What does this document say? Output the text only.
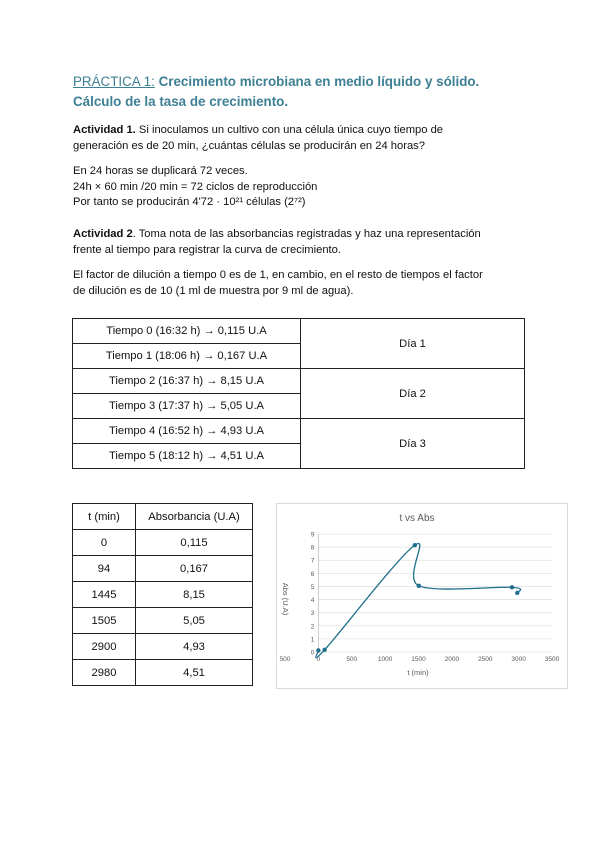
PRÁCTICA 1: Crecimiento microbiana en medio líquido y sólido.
Cálculo de la tasa de crecimiento.
Actividad 1. Si inoculamos un cultivo con una célula única cuyo tiempo de
generación es de 20 min, ¿cuántas células se producirán en 24 horas?
En 24 horas se duplicará 72 veces.
24h × 60 min /20 min = 72 ciclos de reproducción
Por tanto se producirán 4'72 · 10²¹ células (2⁷²)
Actividad 2. Toma nota de las absorbancias registradas y haz una representación
frente al tiempo para registrar la curva de crecimiento.
El factor de dilución a tiempo 0 es de 1, en cambio, en el resto de tiempos el factor
de dilución es de 10 (1 ml de muestra por 9 ml de agua).
Tiempo 0 (16:32 h) → 0,115 U.A	Día 1
Tiempo 1 (18:06 h) → 0,167 U.A	
Tiempo 2 (16:37 h) → 8,15 U.A	Día 2
Tiempo 3 (17:37 h) → 5,05 U.A	
Tiempo 4 (16:52 h) → 4,93 U.A	Día 3
Tiempo 5 (18:12 h) → 4,51 U.A	
t (min)	Absorbancia (U.A)
0	0,115
94	0,167
1445	8,15
1505	5,05
2900	4,93
2980	4,51
t vs Abs
t (min)
Abs (U.A)
0
1
2
3
4
5
6
7
8
9
500	0	500	1000	1500	2000	2500	3000	3500
